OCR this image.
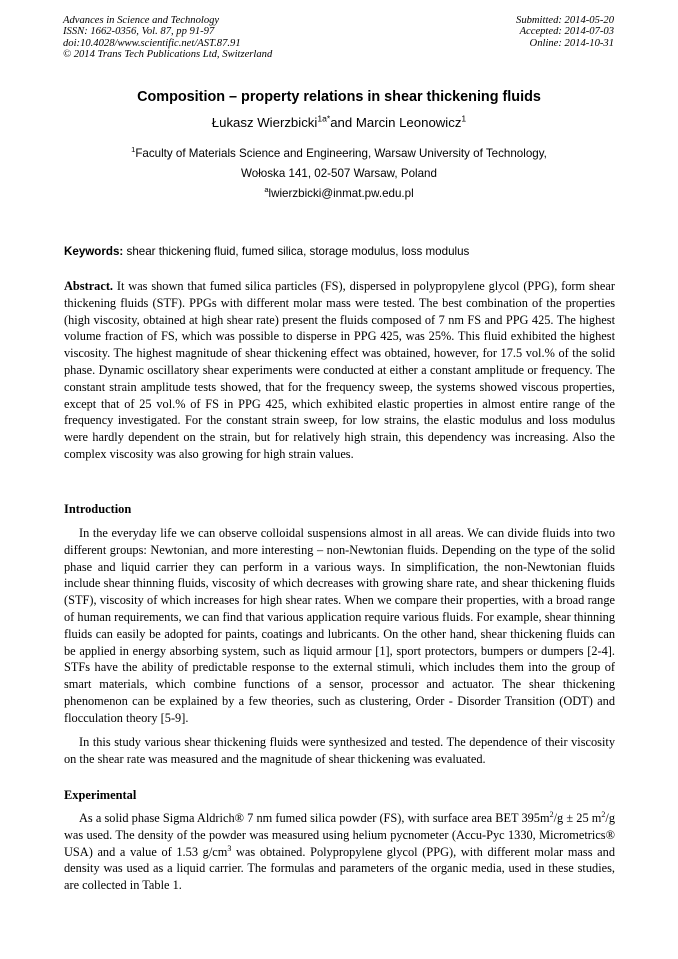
Advances in Science and Technology
ISSN: 1662-0356, Vol. 87, pp 91-97
doi:10.4028/www.scientific.net/AST.87.91
© 2014 Trans Tech Publications Ltd, Switzerland
Submitted: 2014-05-20
Accepted: 2014-07-03
Online: 2014-10-31
Composition – property relations in shear thickening fluids
Łukasz Wierzbicki$^{1a*}$and Marcin Leonowicz$^1$
$^1$Faculty of Materials Science and Engineering, Warsaw University of Technology,
Wołoska 141, 02-507 Warsaw, Poland
$^a$lwierzbicki@inmat.pw.edu.pl
Keywords: shear thickening fluid, fumed silica, storage modulus, loss modulus

Abstract. It was shown that fumed silica particles (FS), dispersed in polypropylene glycol (PPG), form shear thickening fluids (STF). PPGs with different molar mass were tested. The best combination of the properties (high viscosity, obtained at high shear rate) present the fluids composed of 7 nm FS and PPG 425. The highest volume fraction of FS, which was possible to disperse in PPG 425, was 25%. This fluid exhibited the highest viscosity. The highest magnitude of shear thickening effect was obtained, however, for 17.5 vol.% of the solid phase. Dynamic oscillatory shear experiments were conducted at either a constant amplitude or frequency. The constant strain amplitude tests showed, that for the frequency sweep, the systems showed viscous properties, except that of 25 vol.% of FS in PPG 425, which exhibited elastic properties in almost entire range of the frequency investigated. For the constant strain sweep, for low strains, the elastic modulus and loss modulus were hardly dependent on the strain, but for relatively high strain, this dependency was increasing. Also the complex viscosity was also growing for high strain values.

Introduction

In the everyday life we can observe colloidal suspensions almost in all areas. We can divide fluids into two different groups: Newtonian, and more interesting – non-Newtonian fluids. Depending on the type of the solid phase and liquid carrier they can perform in a various ways. In simplification, the non-Newtonian fluids include shear thinning fluids, viscosity of which decreases with growing share rate, and shear thickening fluids (STF), viscosity of which increases for high shear rates. When we compare their properties, with a broad range of human requirements, we can find that various application require various fluids. For example, shear thinning fluids can easily be adopted for paints, coatings and lubricants. On the other hand, shear thickening fluids can be applied in energy absorbing system, such as liquid armour [1], sport protectors, bumpers or dumpers [2-4]. STFs have the ability of predictable response to the external stimuli, which includes them into the group of smart materials, which combine functions of a sensor, processor and actuator. The shear thickening phenomenon can be explained by a few theories, such as clustering, Order - Disorder Transition (ODT) and flocculation theory [5-9].

In this study various shear thickening fluids were synthesized and tested. The dependence of their viscosity on the shear rate was measured and the magnitude of shear thickening was evaluated.

Experimental

As a solid phase Sigma Aldrich® 7 nm fumed silica powder (FS), with surface area BET $395m^2/g \pm 25$ $m^2/g$ was used. The density of the powder was measured using helium pycnometer (Accu-Pyc 1330, Micrometrics® USA) and a value of 1.53 $g/cm^3$ was obtained. Polypropylene glycol (PPG), with different molar mass and density was used as a liquid carrier. The formulas and parameters of the organic media, used in these studies, are collected in Table 1.
